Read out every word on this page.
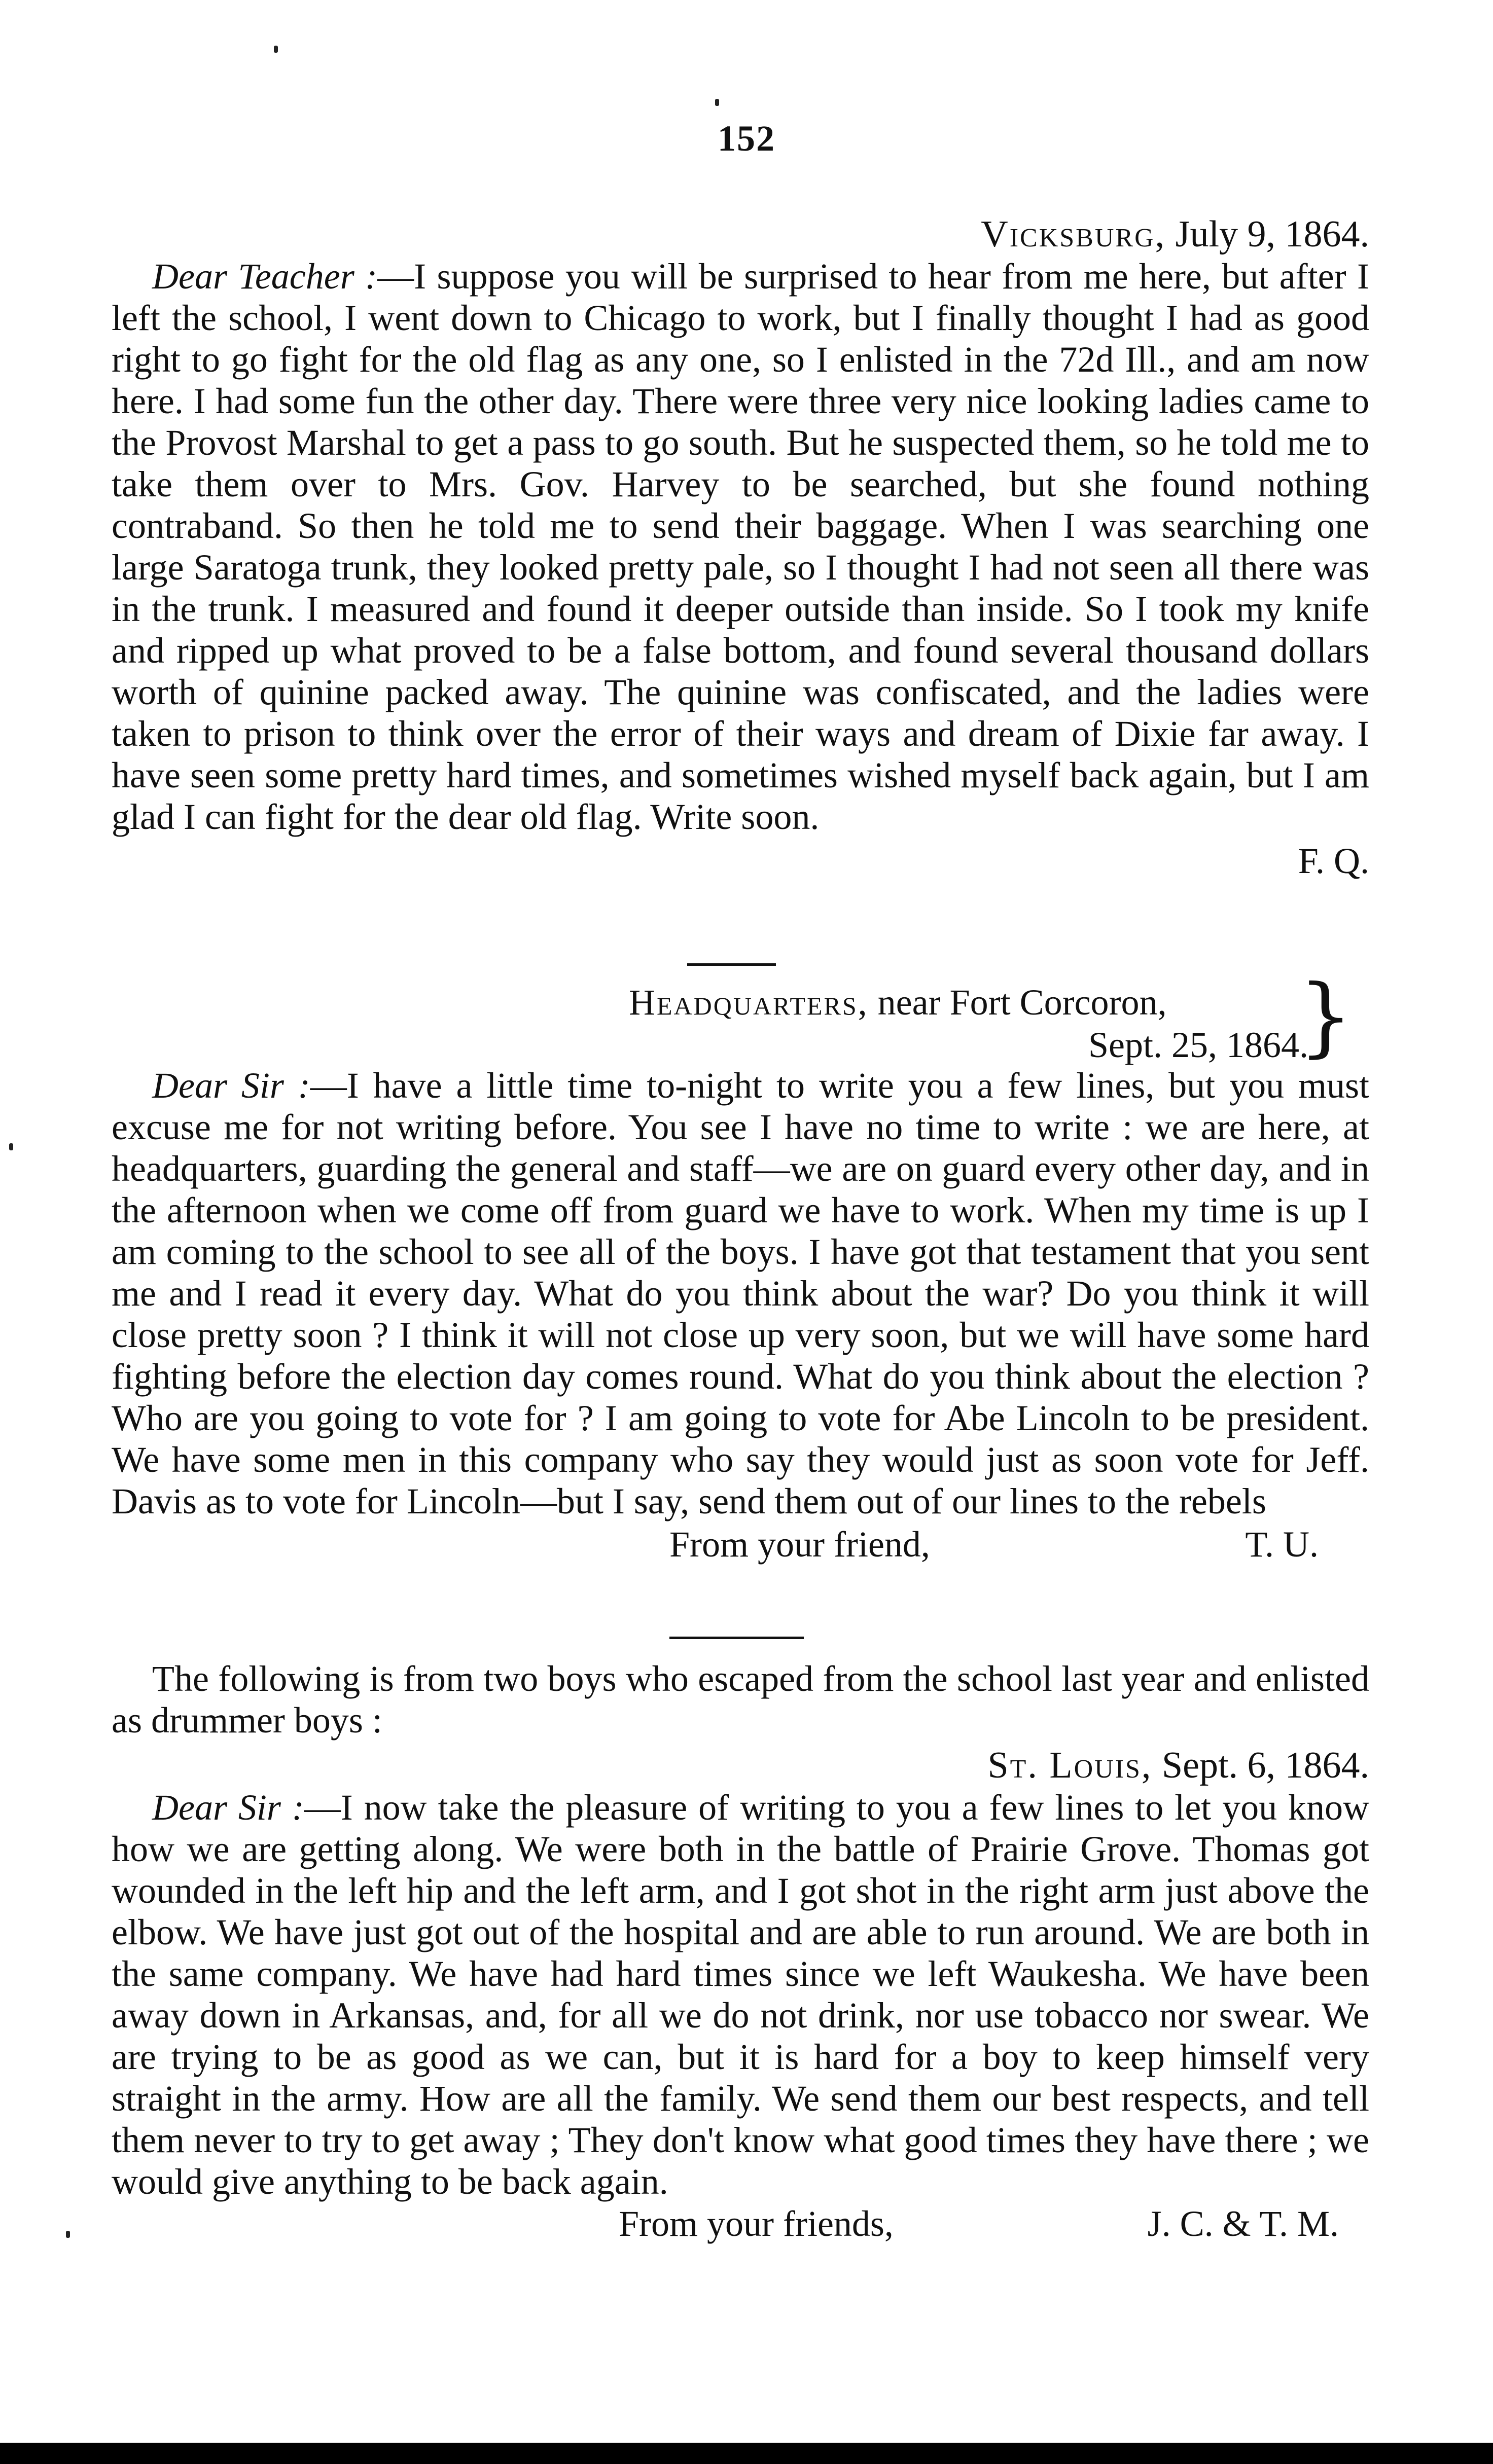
152
Vicksburg, July 9, 1864.

Dear Teacher :—I suppose you will be surprised to hear from me here, but after I left the school, I went down to Chicago to work, but I finally thought I had as good right to go fight for the old flag as any one, so I enlisted in the 72d Ill., and am now here. I had some fun the other day. There were three very nice looking ladies came to the Provost Marshal to get a pass to go south. But he suspected them, so he told me to take them over to Mrs. Gov. Harvey to be searched, but she found nothing contraband. So then he told me to send their baggage. When I was searching one large Saratoga trunk, they looked pretty pale, so I thought I had not seen all there was in the trunk. I measured and found it deeper outside than inside. So I took my knife and ripped up what proved to be a false bottom, and found several thousand dollars worth of quinine packed away. The quinine was confiscated, and the ladies were taken to prison to think over the error of their ways and dream of Dixie far away. I have seen some pretty hard times, and sometimes wished myself back again, but I am glad I can fight for the dear old flag. Write soon.

F. Q.
Headquarters, near Fort Corcoron,
Sept. 25, 1864.
}

Dear Sir :—I have a little time to-night to write you a few lines, but you must excuse me for not writing before. You see I have no time to write : we are here, at headquarters, guarding the general and staff—we are on guard every other day, and in the afternoon when we come off from guard we have to work. When my time is up I am coming to the school to see all of the boys. I have got that testament that you sent me and I read it every day. What do you think about the war? Do you think it will close pretty soon ? I think it will not close up very soon, but we will have some hard fighting before the election day comes round. What do you think about the election ? Who are you going to vote for ? I am going to vote for Abe Lincoln to be president. We have some men in this company who say they would just as soon vote for Jeff. Davis as to vote for Lincoln—but I say, send them out of our lines to the rebels

From your friend,	T. U.

The following is from two boys who escaped from the school last year and enlisted as drummer boys :

St. Louis, Sept. 6, 1864.

Dear Sir :—I now take the pleasure of writing to you a few lines to let you know how we are getting along. We were both in the battle of Prairie Grove. Thomas got wounded in the left hip and the left arm, and I got shot in the right arm just above the elbow. We have just got out of the hospital and are able to run around. We are both in the same company. We have had hard times since we left Waukesha. We have been away down in Arkansas, and, for all we do not drink, nor use tobacco nor swear. We are trying to be as good as we can, but it is hard for a boy to keep himself very straight in the army. How are all the family. We send them our best respects, and tell them never to try to get away ; They don't know what good times they have there ; we would give anything to be back again.

From your friends,	J. C. & T. M.
